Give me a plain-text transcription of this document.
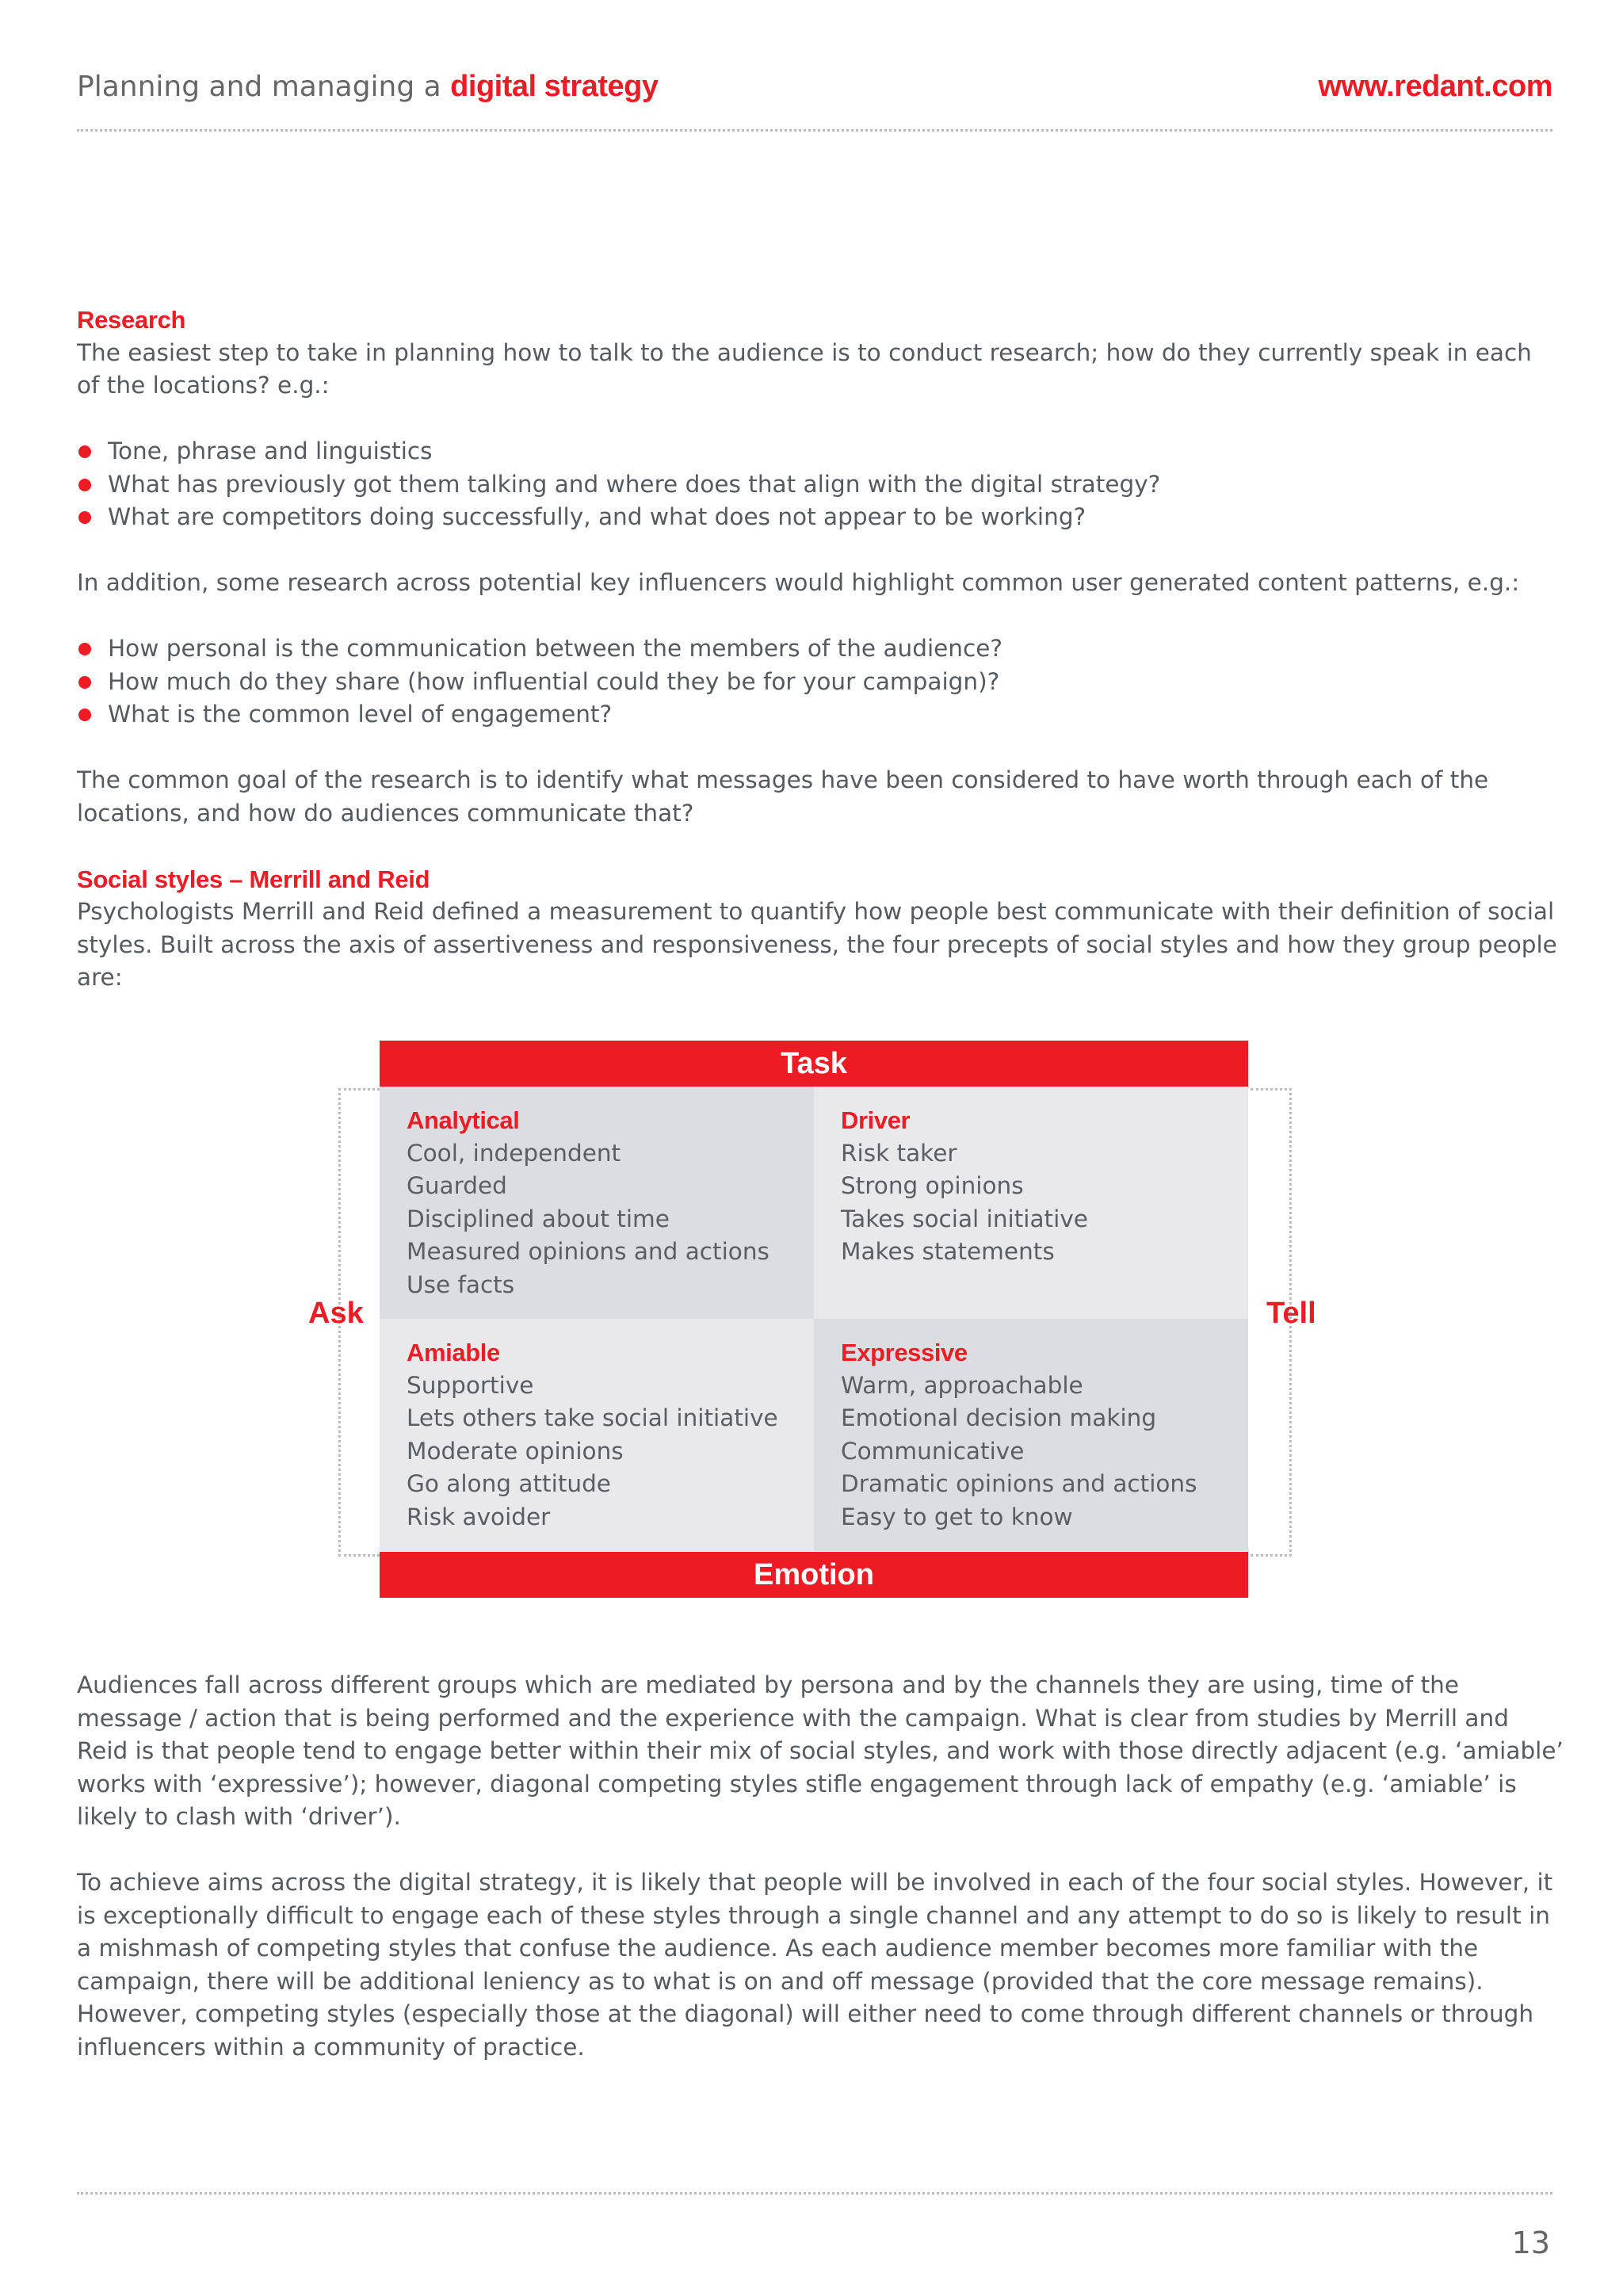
Planning and managing a digital strategy	www.redant.com

Research

The easiest step to take in planning how to talk to the audience is to conduct research; how do they currently speak in each of the locations? e.g.:

Tone, phrase and linguistics
What has previously got them talking and where does that align with the digital strategy?
What are competitors doing successfully, and what does not appear to be working?

In addition, some research across potential key influencers would highlight common user generated content patterns, e.g.:

How personal is the communication between the members of the audience?
How much do they share (how influential could they be for your campaign)?
What is the common level of engagement?

The common goal of the research is to identify what messages have been considered to have worth through each of the locations, and how do audiences communicate that?

Social styles – Merrill and Reid

Psychologists Merrill and Reid defined a measurement to quantify how people best communicate with their definition of social styles. Built across the axis of assertiveness and responsiveness, the four precepts of social styles and how they group people are:

Task
Analytical
Cool, independent
Guarded
Disciplined about time
Measured opinions and actions
Use facts
Driver
Risk taker
Strong opinions
Takes social initiative
Makes statements
Amiable
Supportive
Lets others take social initiative
Moderate opinions
Go along attitude
Risk avoider
Expressive
Warm, approachable
Emotional decision making
Communicative
Dramatic opinions and actions
Easy to get to know
Emotion
Ask	Tell

Audiences fall across different groups which are mediated by persona and by the channels they are using, time of the message / action that is being performed and the experience with the campaign. What is clear from studies by Merrill and Reid is that people tend to engage better within their mix of social styles, and work with those directly adjacent (e.g. ‘amiable’ works with ‘expressive’); however, diagonal competing styles stifle engagement through lack of empathy (e.g. ‘amiable’ is likely to clash with ‘driver’).

To achieve aims across the digital strategy, it is likely that people will be involved in each of the four social styles. However, it is exceptionally difficult to engage each of these styles through a single channel and any attempt to do so is likely to result in a mishmash of competing styles that confuse the audience. As each audience member becomes more familiar with the campaign, there will be additional leniency as to what is on and off message (provided that the core message remains). However, competing styles (especially those at the diagonal) will either need to come through different channels or through influencers within a community of practice.

13
